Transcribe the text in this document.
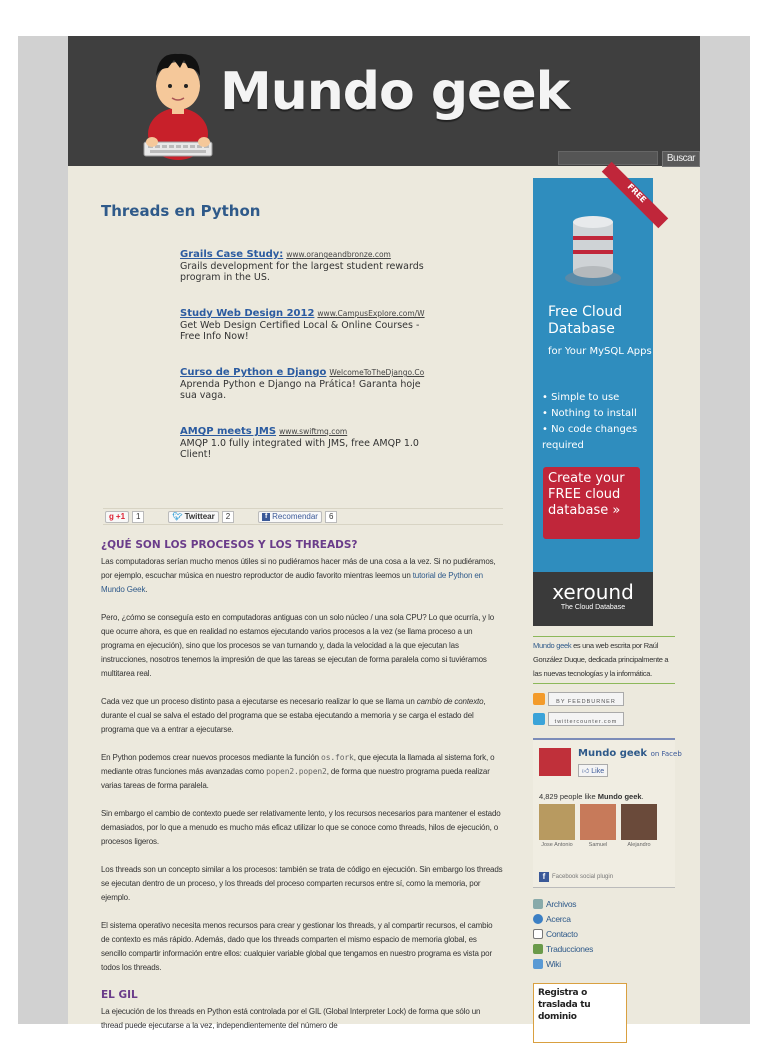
Mundo geek
Buscar
Threads en Python
Grails Case Study: www.orangeandbronze.com
Grails development for the largest student rewards program in the US.
Study Web Design 2012 www.CampusExplore.com/W
Get Web Design Certified Local & Online Courses - Free Info Now!
Curso de Python e Django WelcomeToTheDjango.Co
Aprenda Python e Django na Prática! Garanta hoje sua vaga.
AMQP meets JMS www.swiftmq.com
AMQP 1.0 fully integrated with JMS, free AMQP 1.0 Client!
g +1	1	🐦︎ Twittear	2	f Recomendar	6
¿QUÉ SON LOS PROCESOS Y LOS THREADS?

Las computadoras serían mucho menos útiles si no pudiéramos hacer más de una cosa a la vez. Si no pudiéramos, por ejemplo, escuchar música en nuestro reproductor de audio favorito mientras leemos un tutorial de Python en Mundo Geek.

Pero, ¿cómo se conseguía esto en computadoras antiguas con un solo núcleo / una sola CPU? Lo que ocurría, y lo que ocurre ahora, es que en realidad no estamos ejecutando varios procesos a la vez (se llama proceso a un programa en ejecución), sino que los procesos se van turnando y, dada la velocidad a la que ejecutan las instrucciones, nosotros tenemos la impresión de que las tareas se ejecutan de forma paralela como si tuviéramos multitarea real.

Cada vez que un proceso distinto pasa a ejecutarse es necesario realizar lo que se llama un cambio de contexto, durante el cual se salva el estado del programa que se estaba ejecutando a memoria y se carga el estado del programa que va a entrar a ejecutarse.

En Python podemos crear nuevos procesos mediante la función os.fork, que ejecuta la llamada al sistema fork, o mediante otras funciones más avanzadas como popen2.popen2, de forma que nuestro programa pueda realizar varias tareas de forma paralela.

Sin embargo el cambio de contexto puede ser relativamente lento, y los recursos necesarios para mantener el estado demasiados, por lo que a menudo es mucho más eficaz utilizar lo que se conoce como threads, hilos de ejecución, o procesos ligeros.

Los threads son un concepto similar a los procesos: también se trata de código en ejecución. Sin embargo los threads se ejecutan dentro de un proceso, y los threads del proceso comparten recursos entre sí, como la memoria, por ejemplo.

El sistema operativo necesita menos recursos para crear y gestionar los threads, y al compartir recursos, el cambio de contexto es más rápido. Además, dado que los threads comparten el mismo espacio de memoria global, es sencillo compartir información entre ellos: cualquier variable global que tengamos en nuestro programa es vista por todos los threads.

EL GIL

La ejecución de los threads en Python está controlada por el GIL (Global Interpreter Lock) de forma que sólo un thread puede ejecutarse a la vez, independientemente del número de

FREE
Free Cloud Database
for Your MySQL Apps
• Simple to use
• Nothing to install
• No code changes required
Create your FREE cloud database »
xeround
The Cloud Database
Mundo geek es una web escrita por Raúl González Duque, dedicada principalmente a las nuevas tecnologías y la informática.
BY FEEDBURNER
twittercounter.com
Mundo geek on Faceb
👍︎ Like
4,829 people like Mundo geek.
Jose Antonio	Samuel	Alejandro
f	Facebook social plugin
Archivos
Acerca
Contacto
Traducciones
Wiki
Registra o traslada tu dominio
